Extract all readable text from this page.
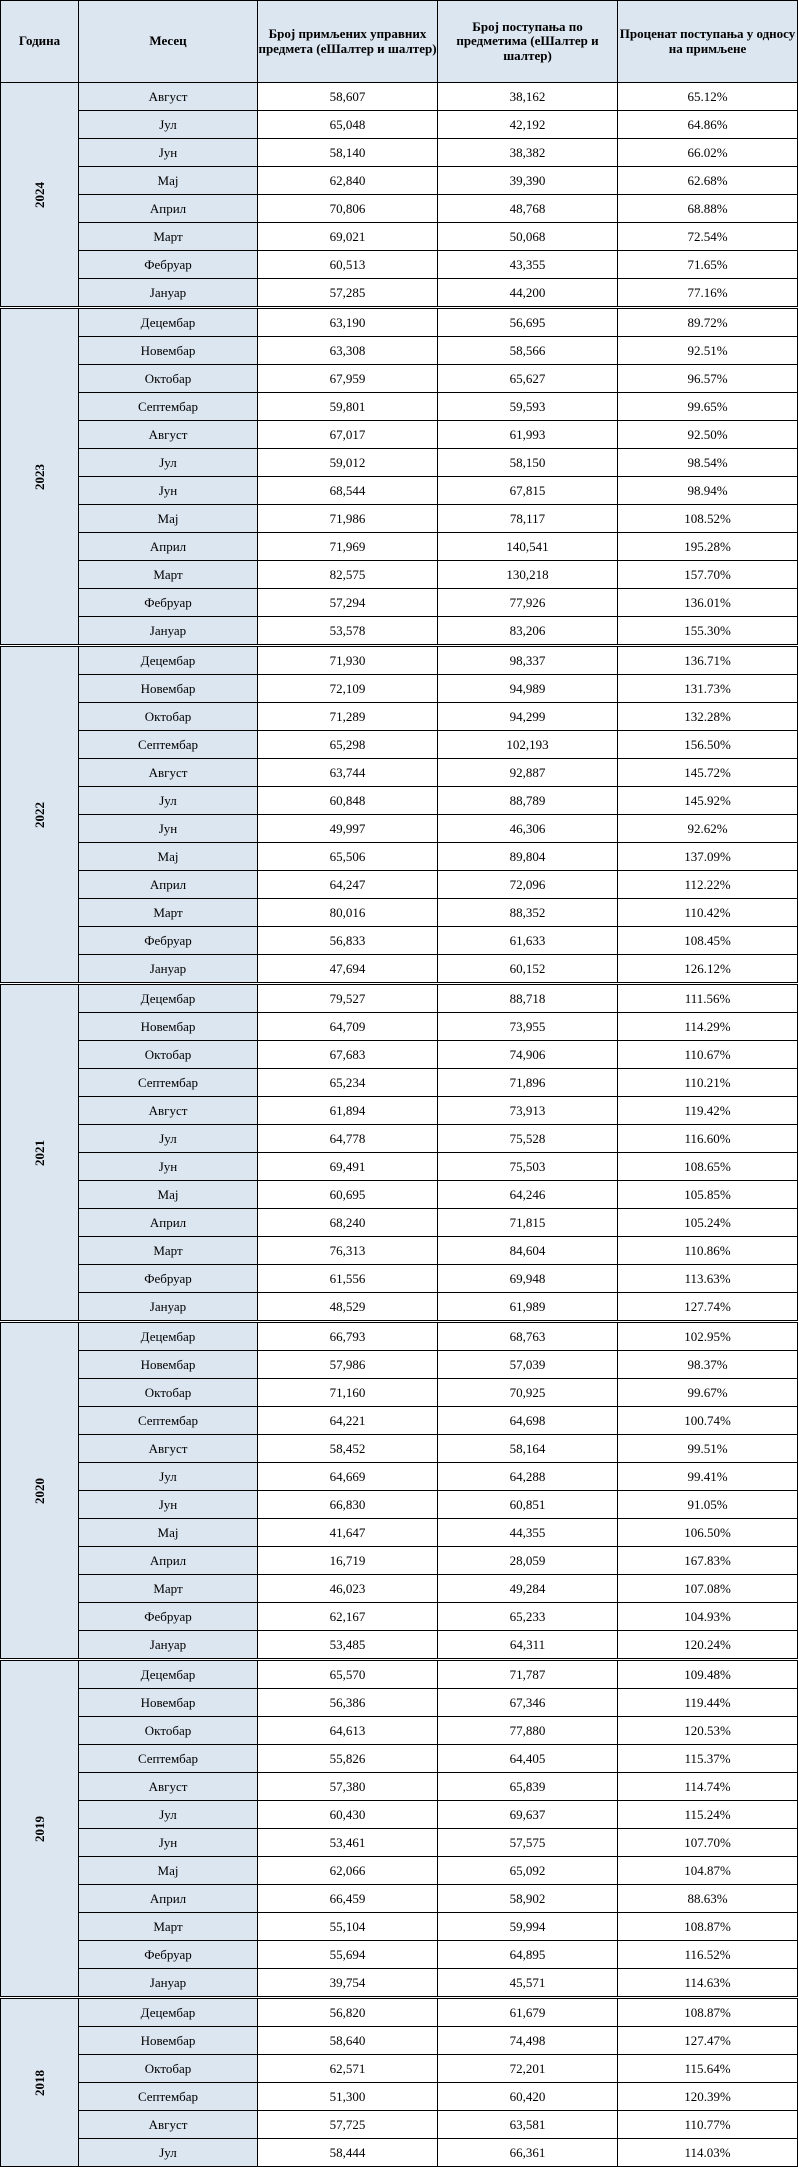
Година	Месец	Број примљених управних предмета (еШалтер и шалтер)	Број поступања по предметима (еШалтер и шалтер)	Проценат поступања у односу на примљене
2024	Август	58,607	38,162	65.12%
	Јул	65,048	42,192	64.86%
	Јун	58,140	38,382	66.02%
	Мај	62,840	39,390	62.68%
	Април	70,806	48,768	68.88%
	Март	69,021	50,068	72.54%
	Фебруар	60,513	43,355	71.65%
	Јануар	57,285	44,200	77.16%
2023	Децембар	63,190	56,695	89.72%
	Новембар	63,308	58,566	92.51%
	Октобар	67,959	65,627	96.57%
	Септембар	59,801	59,593	99.65%
	Август	67,017	61,993	92.50%
	Јул	59,012	58,150	98.54%
	Јун	68,544	67,815	98.94%
	Мај	71,986	78,117	108.52%
	Април	71,969	140,541	195.28%
	Март	82,575	130,218	157.70%
	Фебруар	57,294	77,926	136.01%
	Јануар	53,578	83,206	155.30%
2022	Децембар	71,930	98,337	136.71%
	Новембар	72,109	94,989	131.73%
	Октобар	71,289	94,299	132.28%
	Септембар	65,298	102,193	156.50%
	Август	63,744	92,887	145.72%
	Јул	60,848	88,789	145.92%
	Јун	49,997	46,306	92.62%
	Мај	65,506	89,804	137.09%
	Април	64,247	72,096	112.22%
	Март	80,016	88,352	110.42%
	Фебруар	56,833	61,633	108.45%
	Јануар	47,694	60,152	126.12%
2021	Децембар	79,527	88,718	111.56%
	Новембар	64,709	73,955	114.29%
	Октобар	67,683	74,906	110.67%
	Септембар	65,234	71,896	110.21%
	Август	61,894	73,913	119.42%
	Јул	64,778	75,528	116.60%
	Јун	69,491	75,503	108.65%
	Мај	60,695	64,246	105.85%
	Април	68,240	71,815	105.24%
	Март	76,313	84,604	110.86%
	Фебруар	61,556	69,948	113.63%
	Јануар	48,529	61,989	127.74%
2020	Децембар	66,793	68,763	102.95%
	Новембар	57,986	57,039	98.37%
	Октобар	71,160	70,925	99.67%
	Септембар	64,221	64,698	100.74%
	Август	58,452	58,164	99.51%
	Јул	64,669	64,288	99.41%
	Јун	66,830	60,851	91.05%
	Мај	41,647	44,355	106.50%
	Април	16,719	28,059	167.83%
	Март	46,023	49,284	107.08%
	Фебруар	62,167	65,233	104.93%
	Јануар	53,485	64,311	120.24%
2019	Децембар	65,570	71,787	109.48%
	Новембар	56,386	67,346	119.44%
	Октобар	64,613	77,880	120.53%
	Септембар	55,826	64,405	115.37%
	Август	57,380	65,839	114.74%
	Јул	60,430	69,637	115.24%
	Јун	53,461	57,575	107.70%
	Мај	62,066	65,092	104.87%
	Април	66,459	58,902	88.63%
	Март	55,104	59,994	108.87%
	Фебруар	55,694	64,895	116.52%
	Јануар	39,754	45,571	114.63%
2018	Децембар	56,820	61,679	108.87%
	Новембар	58,640	74,498	127.47%
	Октобар	62,571	72,201	115.64%
	Септембар	51,300	60,420	120.39%
	Август	57,725	63,581	110.77%
	Јул	58,444	66,361	114.03%
